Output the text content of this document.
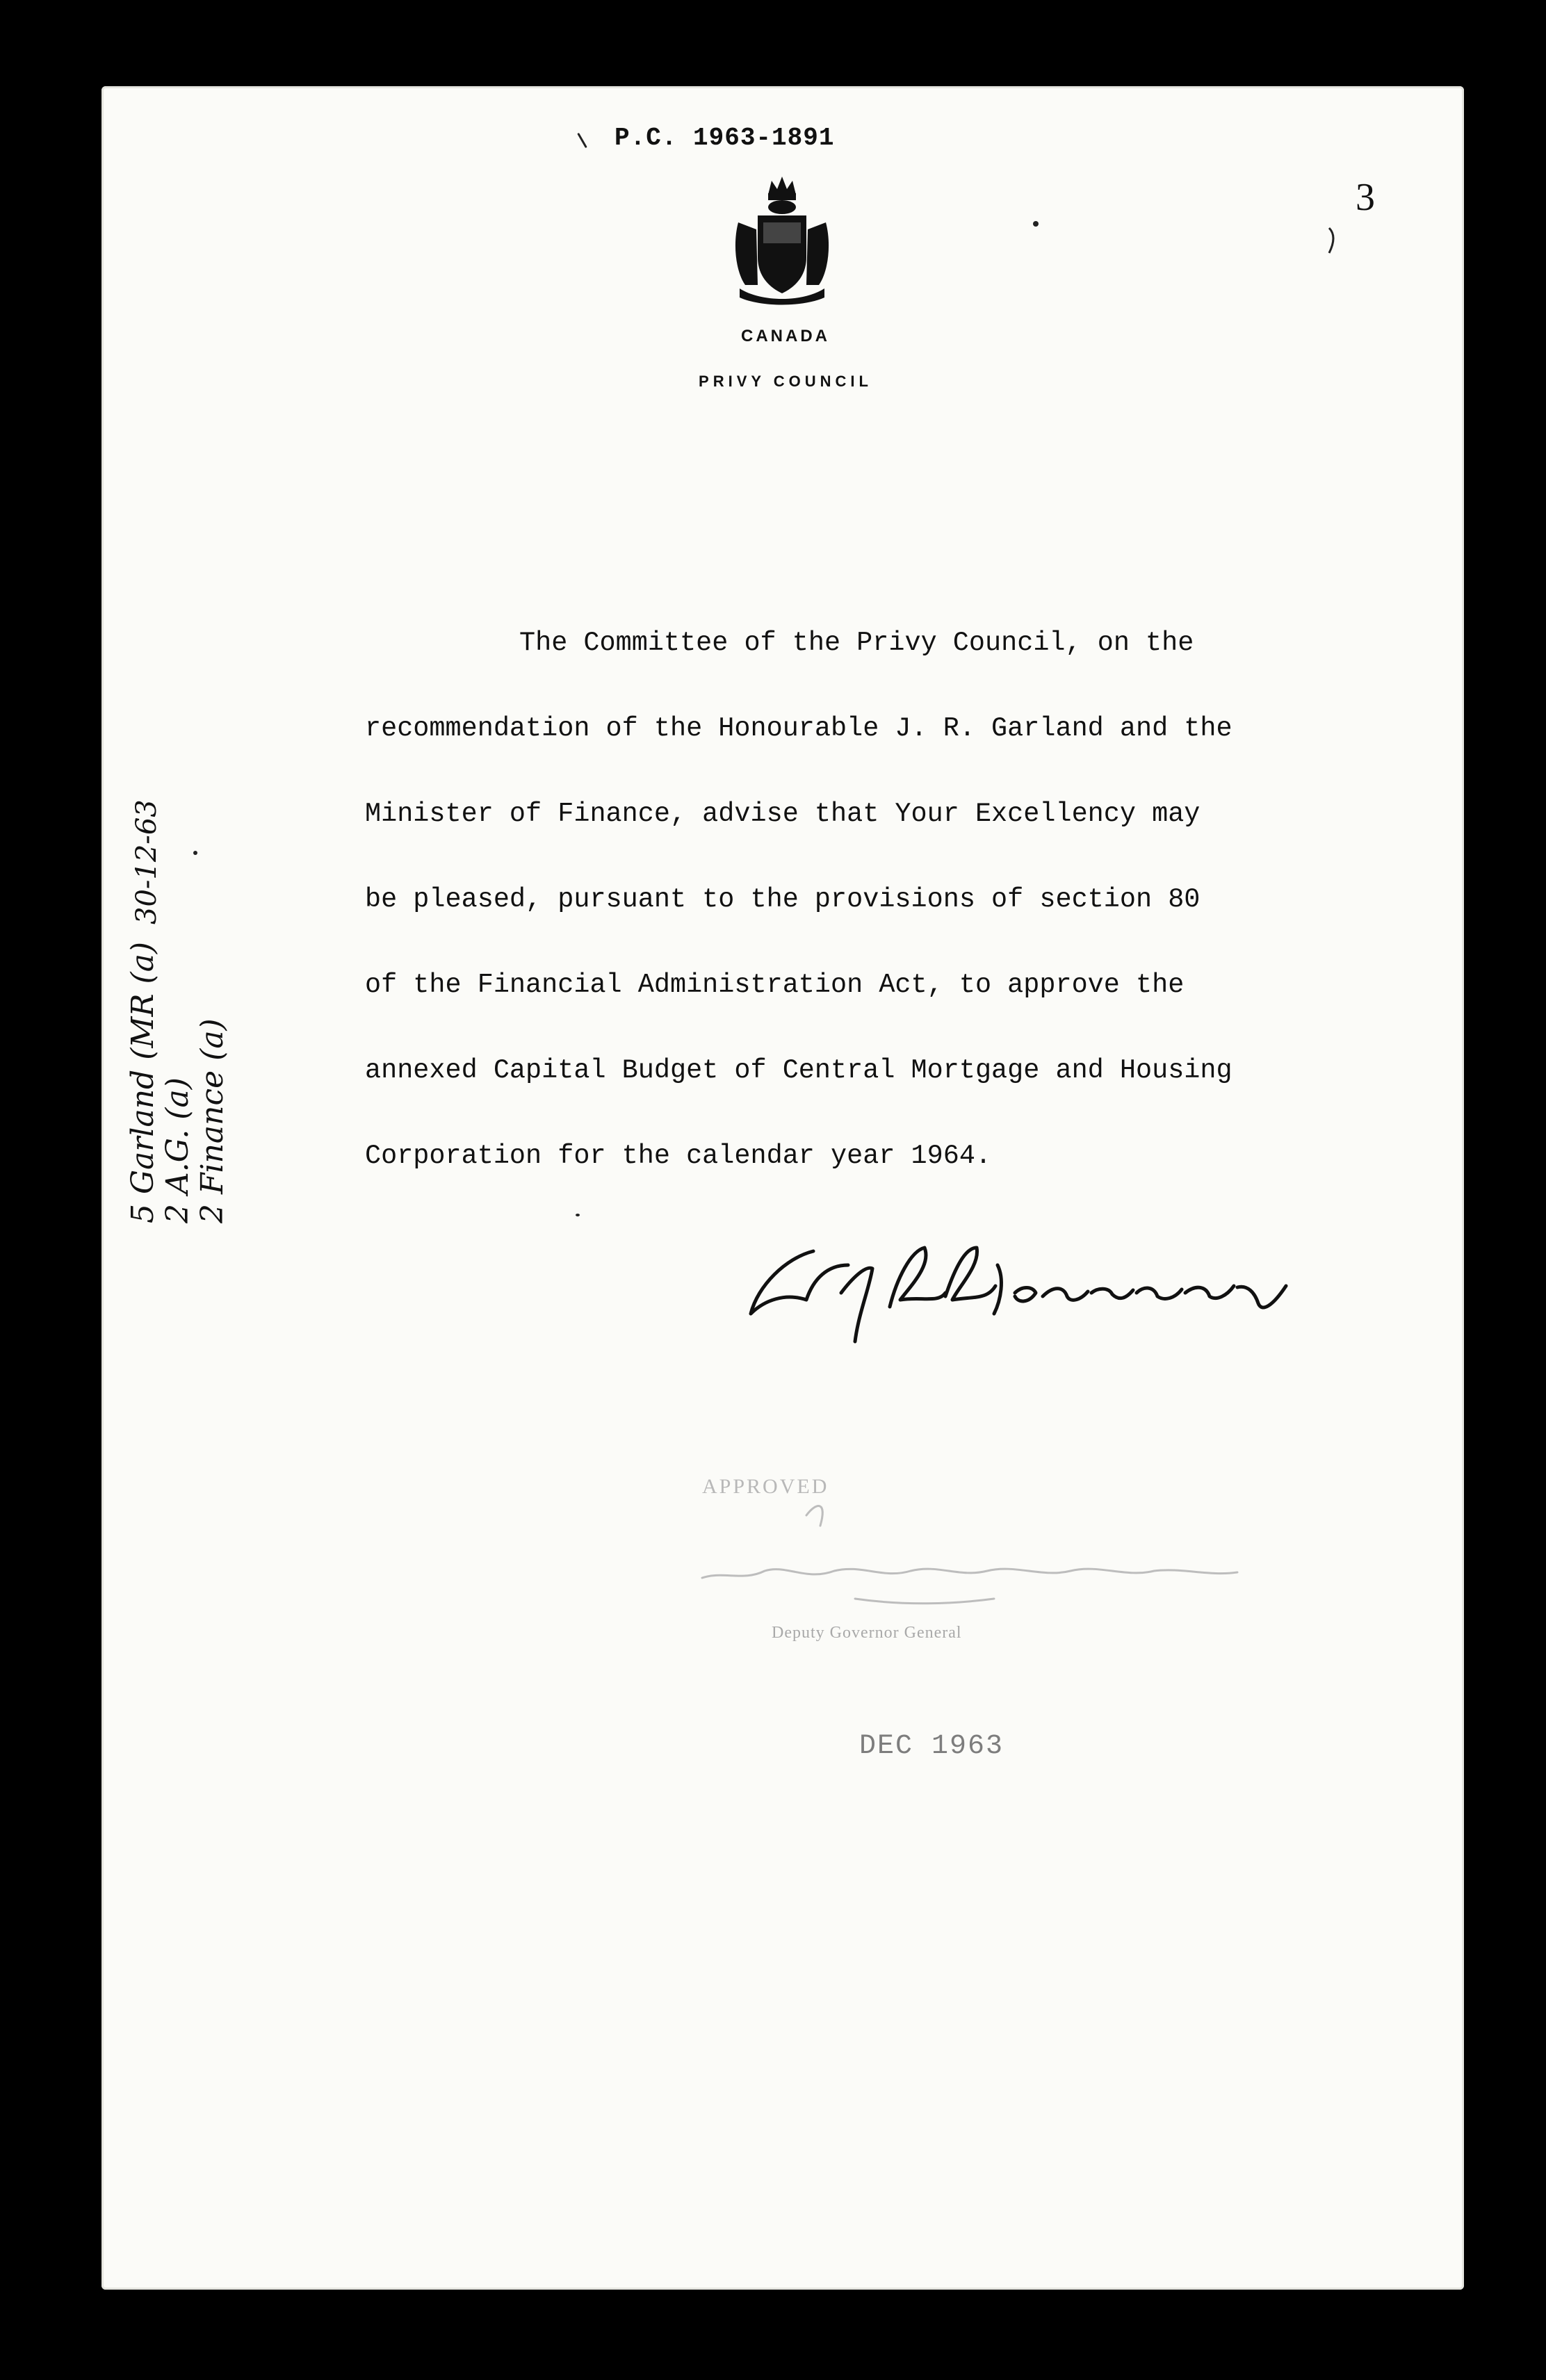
P.C. 1963-1891
3
CANADA
PRIVY COUNCIL
The Committee of the Privy Council, on the
recommendation of the Honourable J. R. Garland and the
Minister of Finance, advise that Your Excellency may
be pleased, pursuant to the provisions of section 80
of the Financial Administration Act, to approve the
annexed Capital Budget of Central Mortgage and Housing
Corporation for the calendar year 1964.
APPROVED
Deputy Governor General
DEC 1963
5 Garland (MR (a) 2 A.G. (a) 2 Finance (a)
30-12-63
